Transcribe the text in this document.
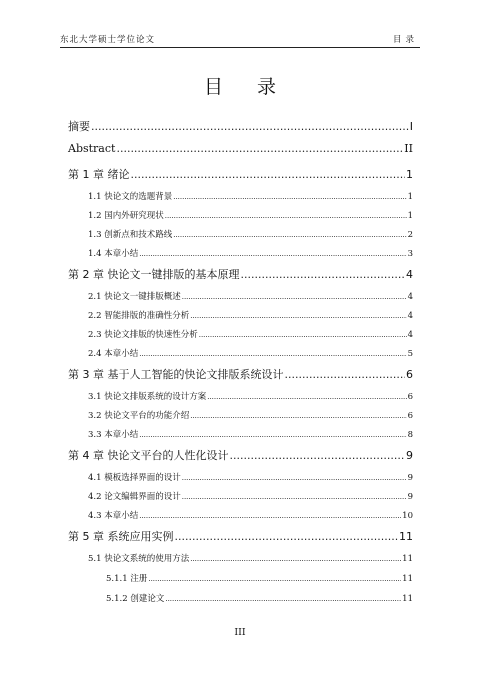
东北大学硕士学位论文	目录
目 录
摘要 .....	I
Abstract .....	II
第 1 章 绪论 .....	1
1.1 快论文的选题背景 .....	1
1.2 国内外研究现状 .....	1
1.3 创新点和技术路线 .....	2
1.4 本章小结 .....	3
第 2 章 快论文一键排版的基本原理 .....	4
2.1 快论文一键排版概述 .....	4
2.2 智能排版的准确性分析 .....	4
2.3 快论文排版的快速性分析 .....	4
2.4 本章小结 .....	5
第 3 章 基于人工智能的快论文排版系统设计 .....	6
3.1 快论文排版系统的设计方案 .....	6
3.2 快论文平台的功能介绍 .....	6
3.3 本章小结 .....	8
第 4 章 快论文平台的人性化设计 .....	9
4.1 模板选择界面的设计 .....	9
4.2 论文编辑界面的设计 .....	9
4.3 本章小结 .....	10
第 5 章 系统应用实例 .....	11
5.1 快论文系统的使用方法 .....	11
5.1.1 注册 .....	11
5.1.2 创建论文 .....	11
III
